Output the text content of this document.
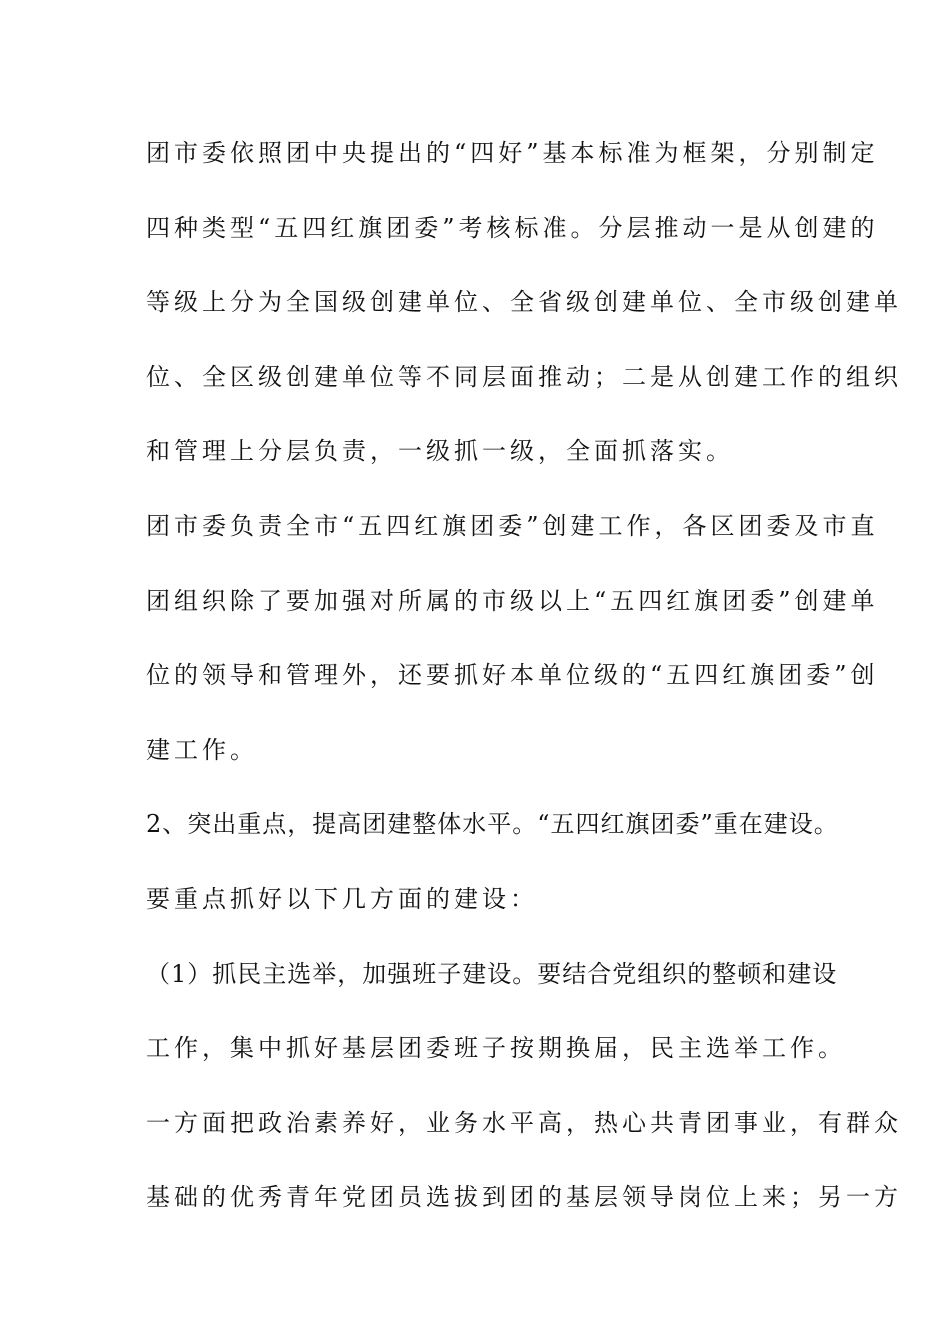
团市委依照团中央提出的“四好”基本标准为框架，分别制定
四种类型“五四红旗团委”考核标准。分层推动一是从创建的
等级上分为全国级创建单位、全省级创建单位、全市级创建单
位、全区级创建单位等不同层面推动；二是从创建工作的组织
和管理上分层负责，一级抓一级，全面抓落实。
团市委负责全市“五四红旗团委”创建工作，各区团委及市直
团组织除了要加强对所属的市级以上“五四红旗团委”创建单
位的领导和管理外，还要抓好本单位级的“五四红旗团委”创
建工作。
2、突出重点，提高团建整体水平。“五四红旗团委”重在建设。
要重点抓好以下几方面的建设：
（1）抓民主选举，加强班子建设。要结合党组织的整顿和建设
工作，集中抓好基层团委班子按期换届，民主选举工作。
一方面把政治素养好，业务水平高，热心共青团事业，有群众
基础的优秀青年党团员选拔到团的基层领导岗位上来；另一方
